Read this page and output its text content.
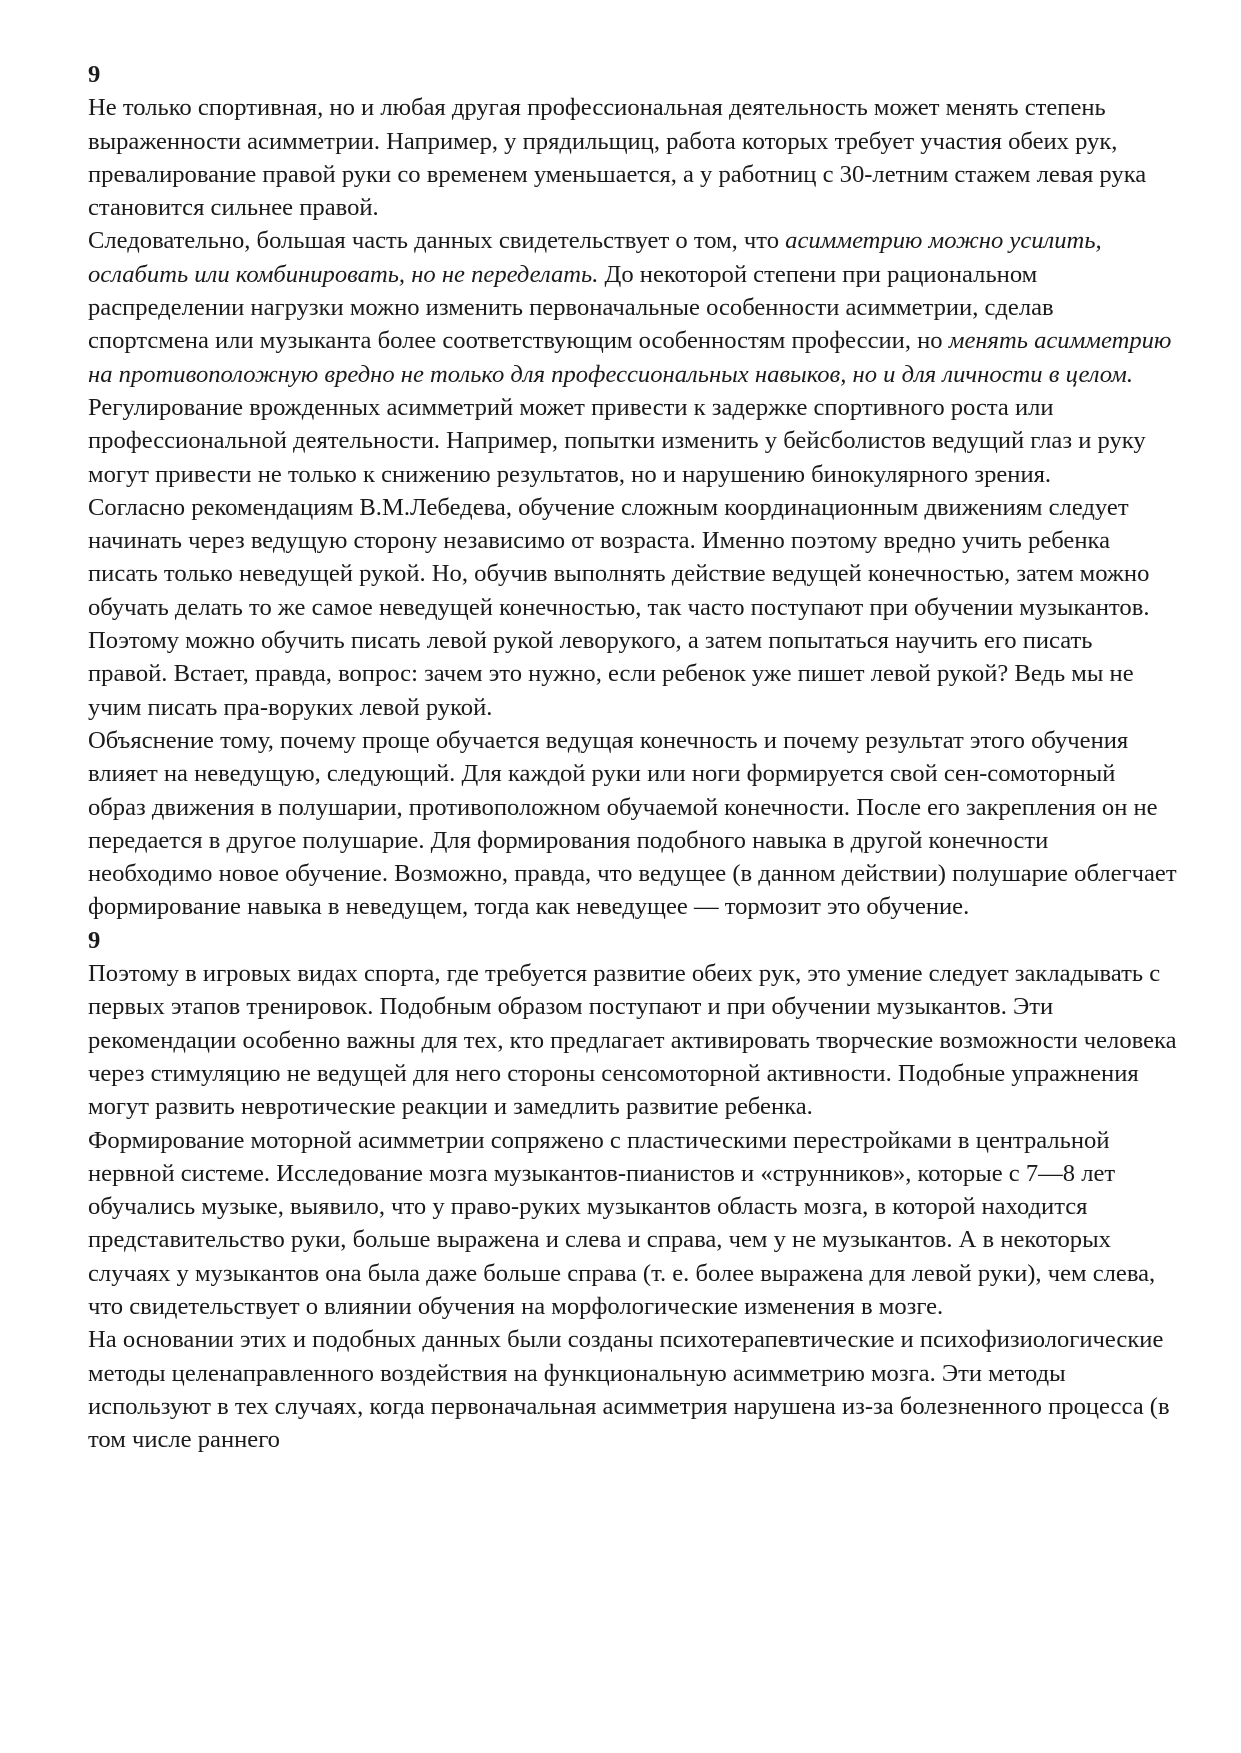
9

Не только спортивная, но и любая другая профессиональная деятельность может менять степень выраженности асимметрии. Например, у прядильщиц, работа которых требует участия обеих рук, превалирование правой руки со временем уменьшается, а у работниц с 30-летним стажем левая рука становится сильнее правой.

Следовательно, большая часть данных свидетельствует о том, что асимметрию можно усилить, ослабить или комбинировать, но не переделать. До некоторой степени при рациональном распределении нагрузки можно изменить первоначальные особенности асимметрии, сделав спортсмена или музыканта более соответствующим особенностям профессии, но менять асимметрию на противоположную вредно не только для профессиональных навыков, но и для личности в целом. Регулирование врожденных асимметрий может привести к задержке спортивного роста или профессиональной деятельности. Например, попытки изменить у бейсболистов ведущий глаз и руку могут привести не только к снижению результатов, но и нарушению бинокулярного зрения.

Согласно рекомендациям В.М.Лебедева, обучение сложным координационным движениям следует начинать через ведущую сторону независимо от возраста. Именно поэтому вредно учить ребенка писать только неведущей рукой. Но, обучив выполнять действие ведущей конечностью, затем можно обучать делать то же самое неведущей конечностью, так часто поступают при обучении музыкантов. Поэтому можно обучить писать левой рукой леворукого, а затем попытаться научить его писать правой. Встает, правда, вопрос: зачем это нужно, если ребенок уже пишет левой рукой? Ведь мы не учим писать пра-воруких левой рукой.

Объяснение тому, почему проще обучается ведущая конечность и почему результат этого обучения влияет на неведущую, следующий. Для каждой руки или ноги формируется свой сен-сомоторный образ движения в полушарии, противоположном обучаемой конечности. После его закрепления он не передается в другое полушарие. Для формирования подобного навыка в другой конечности необходимо новое обучение. Возможно, правда, что ведущее (в данном действии) полушарие облегчает формирование навыка в неведущем, тогда как неведущее — тормозит это обучение.

9

Поэтому в игровых видах спорта, где требуется развитие обеих рук, это умение следует закладывать с первых этапов тренировок. Подобным образом поступают и при обучении музыкантов. Эти рекомендации особенно важны для тех, кто предлагает активировать творческие возможности человека через стимуляцию не ведущей для него стороны сенсомоторной активности. Подобные упражнения могут развить невротические реакции и замедлить развитие ребенка.

Формирование моторной асимметрии сопряжено с пластическими перестройками в центральной нервной системе. Исследование мозга музыкантов-пианистов и «струнников», которые с 7—8 лет обучались музыке, выявило, что у право-руких музыкантов область мозга, в которой находится представительство руки, больше выражена и слева и справа, чем у не музыкантов. А в некоторых случаях у музыкантов она была даже больше справа (т. е. более выражена для левой руки), чем слева, что свидетельствует о влиянии обучения на морфологические изменения в мозге.

На основании этих и подобных данных были созданы психотерапевтические и психофизиологические методы целенаправленного воздействия на функциональную асимметрию мозга. Эти методы используют в тех случаях, когда первоначальная асимметрия нарушена из-за болезненного процесса (в том числе раннего
